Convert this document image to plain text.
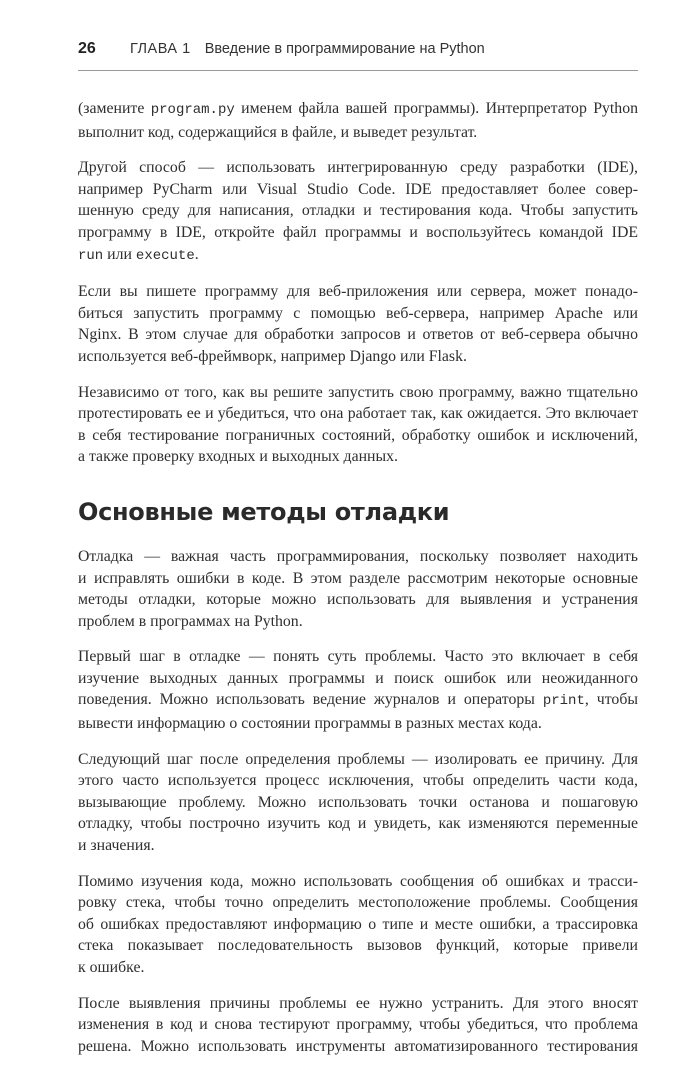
26	ГЛАВА 1 Введение в программирование на Python

(замените program.py именем файла вашей программы). Интерпретатор Python
выполнит код, содержащийся в файле, и выведет результат.

Другой способ — использовать интегрированную среду разработки (IDE),
например PyCharm или Visual Studio Code. IDE предоставляет более совер-
шенную среду для написания, отладки и тестирования кода. Чтобы запустить
программу в IDE, откройте файл программы и воспользуйтесь командой IDE
run или execute.

Если вы пишете программу для веб-приложения или сервера, может понадо-
биться запустить программу с помощью веб-сервера, например Apache или
Nginx. В этом случае для обработки запросов и ответов от веб-сервера обычно
используется веб-фреймворк, например Django или Flask.

Независимо от того, как вы решите запустить свою программу, важно тщательно
протестировать ее и убедиться, что она работает так, как ожидается. Это включает
в себя тестирование пограничных состояний, обработку ошибок и исключений,
а также проверку входных и выходных данных.

Основные методы отладки

Отладка — важная часть программирования, поскольку позволяет находить
и исправлять ошибки в коде. В этом разделе рассмотрим некоторые основные
методы отладки, которые можно использовать для выявления и устранения
проблем в программах на Python.

Первый шаг в отладке — понять суть проблемы. Часто это включает в себя
изучение выходных данных программы и поиск ошибок или неожиданного
поведения. Можно использовать ведение журналов и операторы print, чтобы
вывести информацию о состоянии программы в разных местах кода.

Следующий шаг после определения проблемы — изолировать ее причину. Для
этого часто используется процесс исключения, чтобы определить части кода,
вызывающие проблему. Можно использовать точки останова и пошаговую
отладку, чтобы построчно изучить код и увидеть, как изменяются переменные
и значения.

Помимо изучения кода, можно использовать сообщения об ошибках и трасси-
ровку стека, чтобы точно определить местоположение проблемы. Сообщения
об ошибках предоставляют информацию о типе и месте ошибки, а трассировка
стека показывает последовательность вызовов функций, которые привели
к ошибке.

После выявления причины проблемы ее нужно устранить. Для этого вносят
изменения в код и снова тестируют программу, чтобы убедиться, что проблема
решена. Можно использовать инструменты автоматизированного тестирования
